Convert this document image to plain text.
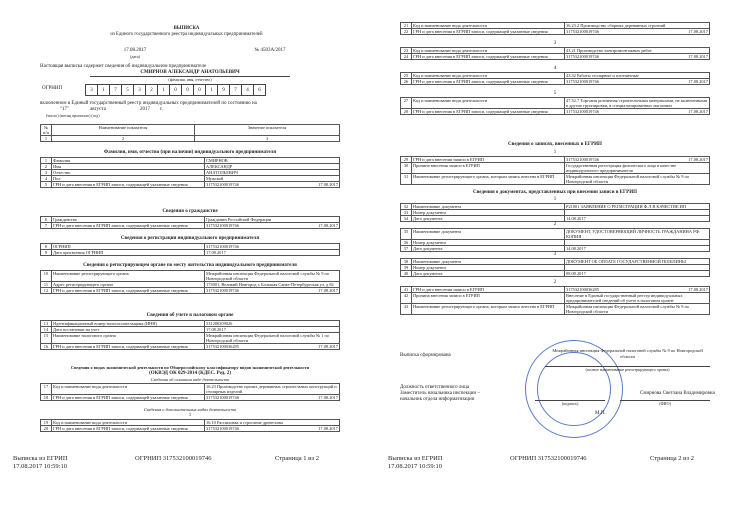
ВЫПИСКА
из Единого государственного реестра индивидуальных предпринимателей
17.08.2017
(дата)
№ 4503А/2017
Настоящая выписка содержит сведения об индивидуальном предпринимателе
СМИРНОВ АЛЕКСАНДР АНАТОЛЬЕВИЧ
(фамилия, имя, отчество)
ОГРНИП	3	1	7	5	3	2	1	0	0	0	1	9	7	4	6
включенном в Единый государственный реестр индивидуальных предпринимателей по состоянию на
"17"	августа	2017 г.
(число) (месяц прописью) (год)
№ п/п	Наименование показателя	Значение показателя
1	2	3
Фамилия, имя, отчество (при наличии) индивидуального предпринимателя
1	Фамилия	СМИРНОВ
2	Имя	АЛЕКСАНДР
3	Отчество	АНАТОЛЬЕВИЧ
4	Пол	Мужской
5	ГРН и дата внесения в ЕГРИП записи, содержащей указанные сведения	317532100019746 17.08.2017
Сведения о гражданстве
6	Гражданство	Гражданин Российской Федерации
7	ГРН и дата внесения в ЕГРИП записи, содержащей указанные сведения	317532100019746 17.08.2017
Сведения о регистрации индивидуального предпринимателя
8	ОГРНИП	317532100019746
9	Дата присвоения ОГРНИП	17.08.2017
Сведения о регистрирующем органе по месту жительства индивидуального предпринимателя
10	Наименование регистрирующего органа	Межрайонная инспекция Федеральной налоговой службы № 9 по Новгородской области
11	Адрес регистрирующего органа	173001, Великий Новгород г, Большая Санкт-Петербургская ул, д 82
12	ГРН и дата внесения в ЕГРИП записи, содержащей указанные сведения	317532100019746 17.08.2017
Сведения об учете в налоговом органе
13	Идентификационный номер налогоплательщика (ИНН)	531200309026
14	Дата постановки на учет	17.08.2017
15	Наименование налогового органа	Межрайонная инспекция Федеральной налоговой службы № 1 по Новгородской области
16	ГРН и дата внесения в ЕГРИП записи, содержащей указанные сведения	317532100036285 17.08.2017
Сведения о видах экономической деятельности по Общероссийскому классификатору видов экономической деятельности
(ОКВЭД ОК 029-2014 (КДЕС. Ред. 2)
Сведения об основном виде деятельности
17	Код и наименование вида деятельности	16.23 Производство прочих деревянных строительных конструкций и столярных изделий
18	ГРН и дата внесения в ЕГРИП записи, содержащей указанные сведения	317532100019746 17.08.2017
Сведения о дополнительных видах деятельности
1
19	Код и наименование вида деятельности	16.10 Распиловка и строгание древесины
20	ГРН и дата внесения в ЕГРИП записи, содержащей указанные сведения	317532100019746 17.08.2017
Выписка из ЕГРИП
17.08.2017 10:59:10
ОГРНИП 317532100019746	Страница 1 из 2
21	Код и наименование вида деятельности	16.23.2 Производство сборных деревянных строений
22	ГРН и дата внесения в ЕГРИП записи, содержащей указанные сведения	317532100019746 17.08.2017
3
23	Код и наименование вида деятельности	43.21 Производство электромонтажных работ
24	ГРН и дата внесения в ЕГРИП записи, содержащей указанные сведения	317532100019746 17.08.2017
4
25	Код и наименование вида деятельности	43.32 Работы столярные и плотничные
26	ГРН и дата внесения в ЕГРИП записи, содержащей указанные сведения	317532100019746 17.08.2017
5
27	Код и наименование вида деятельности	47.52.7 Торговля розничная строительными материалами, не включенными в другие группировки, в специализированных магазинах
28	ГРН и дата внесения в ЕГРИП записи, содержащей указанные сведения	317532100019746 17.08.2017
Сведения о записях, внесенных в ЕГРИП
1
29	ГРН и дата внесения записи в ЕГРИП	317532100019746 17.08.2017

30	Причина внесения записи в ЕГРИП	Государственная регистрация физического лица в качестве индивидуального предпринимателя
31	Наименование регистрирующего органа, которым запись внесена в ЕГРИП	Межрайонная инспекция Федеральной налоговой службы № 9 по Новгородской области
Сведения о документах, представленных при внесении записи в ЕГРИП
1
32	Наименование документа	Р21001 ЗАЯВЛЕНИЕ О РЕГИСТРАЦИИ Ф.Л В КАЧЕСТВЕ ИП
33	Номер документа	
34	Дата документа	14.08.2017
2
35	Наименование документа	ДОКУМЕНТ, УДОСТОВЕРЯЮЩИЙ ЛИЧНОСТЬ ГРАЖДАНИНА РФ: КОПИЯ
36	Номер документа	
37	Дата документа	14.08.2017
3
38	Наименование документа	ДОКУМЕНТ ОБ ОПЛАТЕ ГОСУДАРСТВЕННОЙ ПОШЛИНЫ
39	Номер документа	
40	Дата документа	08.08.2017
2
41	ГРН и дата внесения записи в ЕГРИП	317532100036285 17.08.2017

42	Причина внесения записи в ЕГРИП	Внесение в Единый государственный реестр индивидуальных предпринимателей сведений об учете в налоговом органе
43	Наименование регистрирующего органа, которым запись внесена в ЕГРИП	Межрайонная инспекция Федеральной налоговой службы № 9 по Новгородской области
Выписка сформирована
Межрайонная инспекция Федеральной налоговой службы № 9 по Новгородской области
(полное наименование регистрирующего органа)
Должность ответственного лица
Заместитель начальника инспекции – начальник отдела информатизации
Смирнова Светлана Владимировна
(подпись)	(ФИО)
М.П.
Выписка из ЕГРИП
17.08.2017 10:59:10
ОГРНИП 317532100019746	Страница 2 из 2
